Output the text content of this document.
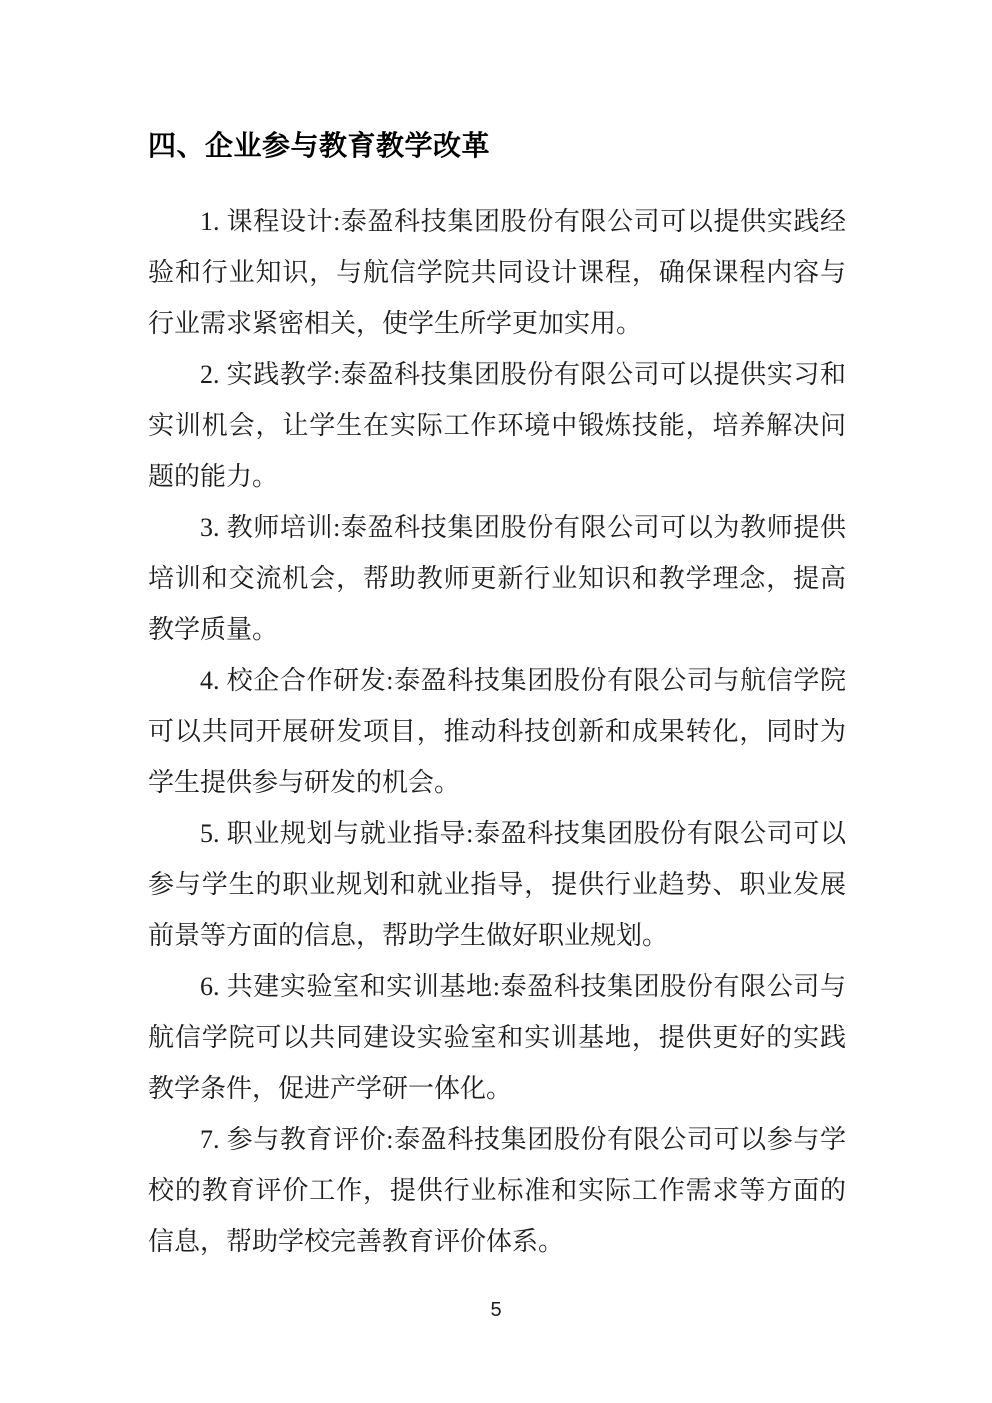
四、企业参与教育教学改革

1. 课程设计:泰盈科技集团股份有限公司可以提供实践经验和行业知识，与航信学院共同设计课程，确保课程内容与行业需求紧密相关，使学生所学更加实用。

2. 实践教学:泰盈科技集团股份有限公司可以提供实习和实训机会，让学生在实际工作环境中锻炼技能，培养解决问题的能力。

3. 教师培训:泰盈科技集团股份有限公司可以为教师提供培训和交流机会，帮助教师更新行业知识和教学理念，提高教学质量。

4. 校企合作研发:泰盈科技集团股份有限公司与航信学院可以共同开展研发项目，推动科技创新和成果转化，同时为学生提供参与研发的机会。

5. 职业规划与就业指导:泰盈科技集团股份有限公司可以参与学生的职业规划和就业指导，提供行业趋势、职业发展前景等方面的信息，帮助学生做好职业规划。

6. 共建实验室和实训基地:泰盈科技集团股份有限公司与航信学院可以共同建设实验室和实训基地，提供更好的实践教学条件，促进产学研一体化。

7. 参与教育评价:泰盈科技集团股份有限公司可以参与学校的教育评价工作，提供行业标准和实际工作需求等方面的信息，帮助学校完善教育评价体系。

5
